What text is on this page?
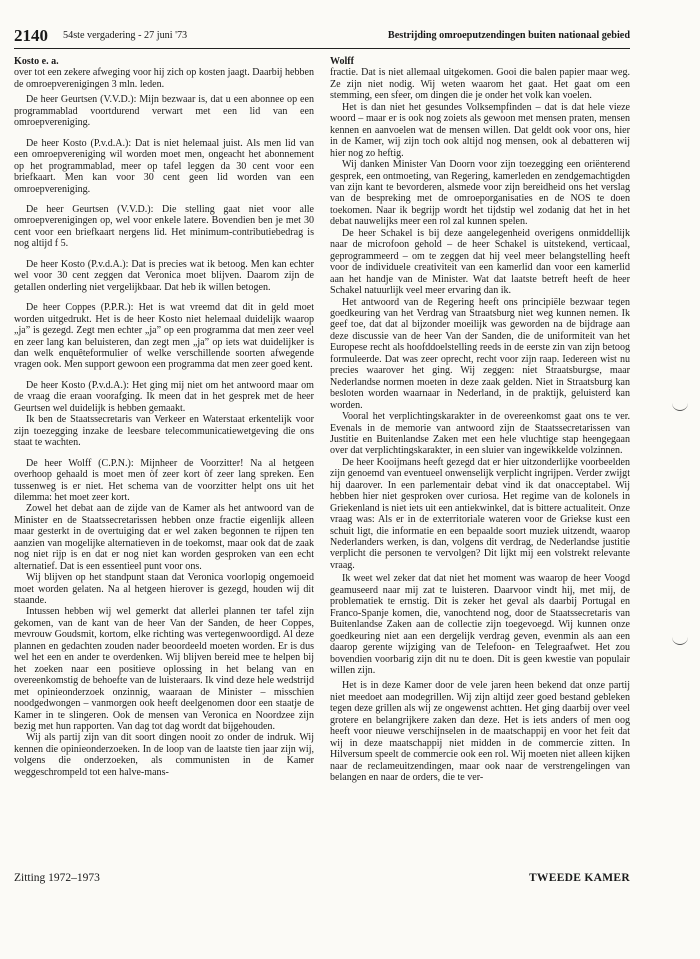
2140 54ste vergadering - 27 juni '73	Bestrijding omroeputzendingen buiten nationaal gebied
Kosto e. a.

over tot een zekere afweging voor hij zich op kosten jaagt. Daarbij hebben de omroepverenigingen 3 mln. leden.

De heer Geurtsen (V.V.D.): Mijn bezwaar is, dat u een abonnee op een programmablad voortdurend verwart met een lid van een omroepvereniging.

De heer Kosto (P.v.d.A.): Dat is niet helemaal juist. Als men lid van een omroepvereniging wil worden moet men, ongeacht het abonnement op het programmablad, meer op tafel leggen da 30 cent voor een briefkaart. Men kan voor 30 cent geen lid worden van een omroepvereniging.

De heer Geurtsen (V.V.D.): Die stelling gaat niet voor alle omroepverenigingen op, wel voor enkele latere. Bovendien ben je met 30 cent voor een briefkaart nergens lid. Het minimum-contributiebedrag is nog altijd f 5.

De heer Kosto (P.v.d.A.): Dat is precies wat ik betoog. Men kan echter wel voor 30 cent zeggen dat Veronica moet blijven. Daarom zijn de getallen onderling niet vergelijkbaar. Dat heb ik willen betogen.

De heer Coppes (P.P.R.): Het is wat vreemd dat dit in geld moet worden uitgedrukt. Het is de heer Kosto niet helemaal duidelijk waarop „ja” is gezegd. Zegt men echter „ja” op een programma dat men zeer veel en zeer lang kan beluisteren, dan zegt men „ja” op iets wat duidelijker is dan welk enquêteformulier of welke verschillende soorten afwegende vragen ook. Men support gewoon een programma dat men zeer goed kent.

De heer Kosto (P.v.d.A.): Het ging mij niet om het antwoord maar om de vraag die eraan voorafging. Ik meen dat in het gesprek met de heer Geurtsen wel duidelijk is hebben gemaakt.

Ik ben de Staatssecretaris van Verkeer en Waterstaat erkentelijk voor zijn toezegging inzake de leesbare telecommunicatiewetgeving die ons staat te wachten.

De heer Wolff (C.P.N.): Mijnheer de Voorzitter! Na al hetgeen overhoop gehaald is moet men òf zeer kort òf zeer lang spreken. Een tussenweg is er niet. Het schema van de voorzitter helpt ons uit het dilemma: het moet zeer kort.

Zowel het debat aan de zijde van de Kamer als het antwoord van de Minister en de Staatssecretarissen hebben onze fractie eigenlijk alleen maar gesterkt in de overtuiging dat er wel zaken begonnen te rijpen ten aanzien van mogelijke alternatieven in de toekomst, maar ook dat de zaak nog niet rijp is en dat er nog niet kan worden gesproken van een echt alternatief. Dat is een essentieel punt voor ons.

Wij blijven op het standpunt staan dat Veronica voorlopig ongemoeid moet worden gelaten. Na al hetgeen hierover is gezegd, houden wij dit staande.

Intussen hebben wij wel gemerkt dat allerlei plannen ter tafel zijn gekomen, van de kant van de heer Van der Sanden, de heer Coppes, mevrouw Goudsmit, kortom, elke richting was vertegenwoordigd. Al deze plannen en gedachten zouden nader beoordeeld moeten worden. Er is dus wel het een en ander te overdenken. Wij blijven bereid mee te helpen bij het zoeken naar een positieve oplossing in het belang van en overeenkomstig de behoefte van de luisteraars. Ik vind deze hele wedstrijd met opinieonderzoek onzinnig, waaraan de Minister – misschien noodgedwongen – vanmorgen ook heeft deelgenomen door een staatje de Kamer in te slingeren. Ook de mensen van Veronica en Noordzee zijn bezig met hun rapporten. Van dag tot dag wordt dat bijgehouden.

Wij als partij zijn van dit soort dingen nooit zo onder de indruk. Wij kennen die opinieonderzoeken. In de loop van de laatste tien jaar zijn wij, volgens die onderzoeken, als communisten in de Kamer weggeschrompeld tot een halve-mans-

Wolff

fractie. Dat is niet allemaal uitgekomen. Gooi die balen papier maar weg. Ze zijn niet nodig. Wij weten waarom het gaat. Het gaat om een stemming, een sfeer, om dingen die je onder het volk kan voelen.

Het is dan niet het gesundes Volksempfinden – dat is dat hele vieze woord – maar er is ook nog zoiets als gewoon met mensen praten, mensen kennen en aanvoelen wat de mensen willen. Dat geldt ook voor ons, hier in de Kamer, wij zijn toch ook altijd nog mensen, ook al debatteren wij hier nog zo heftig.

Wij danken Minister Van Doorn voor zijn toezegging een oriënterend gesprek, een ontmoeting, van Regering, kamerleden en zendgemachtigden van zijn kant te bevorderen, alsmede voor zijn bereidheid ons het verslag van de bespreking met de omroeporganisaties en de NOS te doen toekomen. Naar ik begrijp wordt het tijdstip wel zodanig dat het in het debat nauwelijks meer een rol zal kunnen spelen.

De heer Schakel is bij deze aangelegenheid overigens onmiddellijk naar de microfoon gehold – de heer Schakel is uitstekend, verticaal, geprogrammeerd – om te zeggen dat hij veel meer belangstelling heeft voor de individuele creativiteit van een kamerlid dan voor een kamerlid aan het handje van de Minister. Wat dat laatste betreft heeft de heer Schakel natuurlijk veel meer ervaring dan ik.

Het antwoord van de Regering heeft ons principiële bezwaar tegen goedkeuring van het Verdrag van Straatsburg niet weg kunnen nemen. Ik geef toe, dat dat al bijzonder moeilijk was geworden na de bijdrage aan deze discussie van de heer Van der Sanden, die de uniformiteit van het Europese recht als hoofddoelstelling reeds in de eerste zin van zijn betoog formuleerde. Dat was zeer oprecht, recht voor zijn raap. Iedereen wist nu precies waarover het ging. Wij zeggen: niet Straatsburgse, maar Nederlandse normen moeten in deze zaak gelden. Niet in Straatsburg kan besloten worden waarnaar in Nederland, in de praktijk, geluisterd kan worden.

Vooral het verplichtingskarakter in de overeenkomst gaat ons te ver. Evenals in de memorie van antwoord zijn de Staatssecretarissen van Justitie en Buitenlandse Zaken met een hele vluchtige stap heengegaan over dat verplichtingskarakter, in een sluier van ingewikkelde volzinnen.

De heer Kooijmans heeft gezegd dat er hier uitzonderlijke voorbeelden zijn genoemd van eventueel onwenselijk verplicht ingrijpen. Verder zwijgt hij daarover. In een parlementair debat vind ik dat onacceptabel. Wij hebben hier niet gesproken over curiosa. Het regime van de kolonels in Griekenland is niet iets uit een antiekwinkel, dat is bittere actualiteit. Onze vraag was: Als er in de exterritoriale wateren voor de Griekse kust een schuit ligt, die informatie en een bepaalde soort muziek uitzendt, waarop Nederlanders werken, is dan, volgens dit verdrag, de Nederlandse justitie verplicht die personen te vervolgen? Dit lijkt mij een volstrekt relevante vraag.

Ik weet wel zeker dat dat niet het moment was waarop de heer Voogd geamuseerd naar mij zat te luisteren. Daarvoor vindt hij, met mij, de problematiek te ernstig. Dit is zeker het geval als daarbij Portugal en Franco-Spanje komen, die, vanochtend nog, door de Staatssecretaris van Buitenlandse Zaken aan de collectie zijn toegevoegd. Wij kunnen onze goedkeuring niet aan een dergelijk verdrag geven, evenmin als aan een daarop gerente wijziging van de Telefoon- en Telegraafwet. Het zou bovendien voorbarig zijn dit nu te doen. Dit is geen kwestie van populair willen zijn.

Het is in deze Kamer door de vele jaren heen bekend dat onze partij niet meedoet aan modegrillen. Wij zijn altijd zeer goed bestand gebleken tegen deze grillen als wij ze ongewenst achtten. Het ging daarbij over veel grotere en belangrijkere zaken dan deze. Het is iets anders of men oog heeft voor nieuwe verschijnselen in de maatschappij en voor het feit dat wij in deze maatschappij niet midden in de commercie zitten. In Hilversum speelt de commercie ook een rol. Wij moeten niet alleen kijken naar de reclameuitzendingen, maar ook naar de verstrengelingen van belangen en naar de orders, die te ver-

Zitting 1972–1973	TWEEDE KAMER
